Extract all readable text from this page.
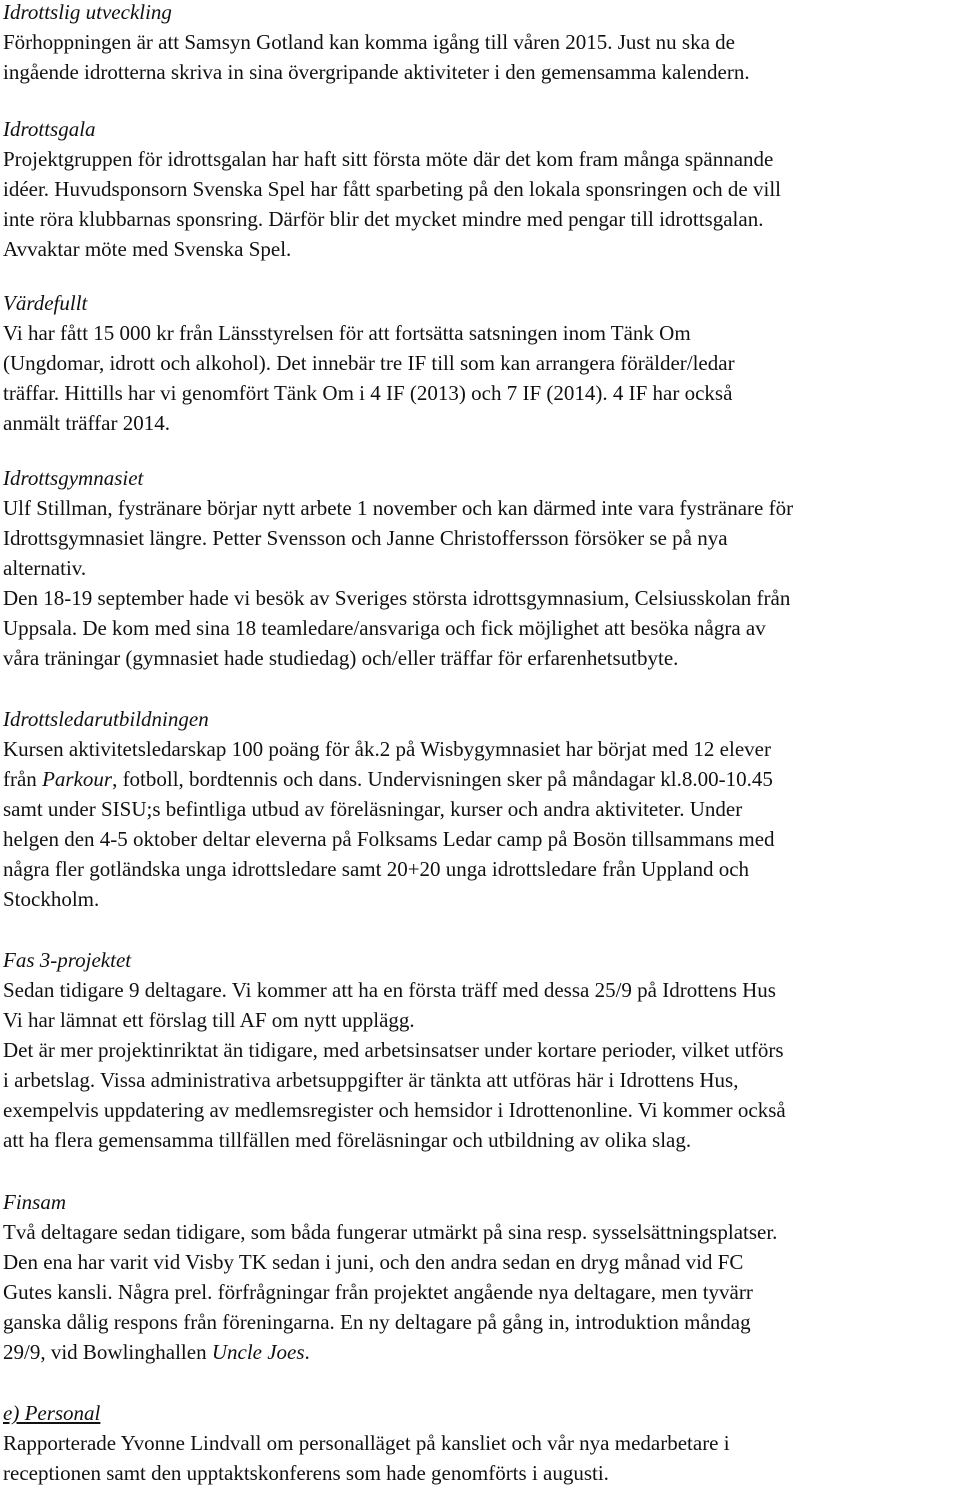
Idrottslig utveckling
Förhoppningen är att Samsyn Gotland kan komma igång till våren 2015. Just nu ska de
ingående idrotterna skriva in sina övergripande aktiviteter i den gemensamma kalendern.
Idrottsgala
Projektgruppen för idrottsgalan har haft sitt första möte där det kom fram många spännande
idéer. Huvudsponsorn Svenska Spel har fått sparbeting på den lokala sponsringen och de vill
inte röra klubbarnas sponsring. Därför blir det mycket mindre med pengar till idrottsgalan.
Avvaktar möte med Svenska Spel.
Värdefullt
Vi har fått 15 000 kr från Länsstyrelsen för att fortsätta satsningen inom Tänk Om
(Ungdomar, idrott och alkohol). Det innebär tre IF till som kan arrangera förälder/ledar
träffar. Hittills har vi genomfört Tänk Om i 4 IF (2013) och 7 IF (2014). 4 IF har också
anmält träffar 2014.
Idrottsgymnasiet
Ulf Stillman, fystränare börjar nytt arbete 1 november och kan därmed inte vara fystränare för
Idrottsgymnasiet längre. Petter Svensson och Janne Christoffersson försöker se på nya
alternativ.
Den 18-19 september hade vi besök av Sveriges största idrottsgymnasium, Celsiusskolan från
Uppsala. De kom med sina 18 teamledare/ansvariga och fick möjlighet att besöka några av
våra träningar (gymnasiet hade studiedag) och/eller träffar för erfarenhetsutbyte.
Idrottsledarutbildningen
Kursen aktivitetsledarskap 100 poäng för åk.2 på Wisbygymnasiet har börjat med 12 elever
från Parkour, fotboll, bordtennis och dans. Undervisningen sker på måndagar kl.8.00-10.45
samt under SISU;s befintliga utbud av föreläsningar, kurser och andra aktiviteter. Under
helgen den 4-5 oktober deltar eleverna på Folksams Ledar camp på Bosön tillsammans med
några fler gotländska unga idrottsledare samt 20+20 unga idrottsledare från Uppland och
Stockholm.
Fas 3-projektet
Sedan tidigare 9 deltagare. Vi kommer att ha en första träff med dessa 25/9 på Idrottens Hus
Vi har lämnat ett förslag till AF om nytt upplägg.
Det är mer projektinriktat än tidigare, med arbetsinsatser under kortare perioder, vilket utförs
i arbetslag. Vissa administrativa arbetsuppgifter är tänkta att utföras här i Idrottens Hus,
exempelvis uppdatering av medlemsregister och hemsidor i Idrottenonline. Vi kommer också
att ha flera gemensamma tillfällen med föreläsningar och utbildning av olika slag.
Finsam
Två deltagare sedan tidigare, som båda fungerar utmärkt på sina resp. sysselsättningsplatser.
Den ena har varit vid Visby TK sedan i juni, och den andra sedan en dryg månad vid FC
Gutes kansli. Några prel. förfrågningar från projektet angående nya deltagare, men tyvärr
ganska dålig respons från föreningarna. En ny deltagare på gång in, introduktion måndag
29/9, vid Bowlinghallen Uncle Joes.
e) Personal
Rapporterade Yvonne Lindvall om personalläget på kansliet och vår nya medarbetare i
receptionen samt den upptaktskonferens som hade genomförts i augusti.
